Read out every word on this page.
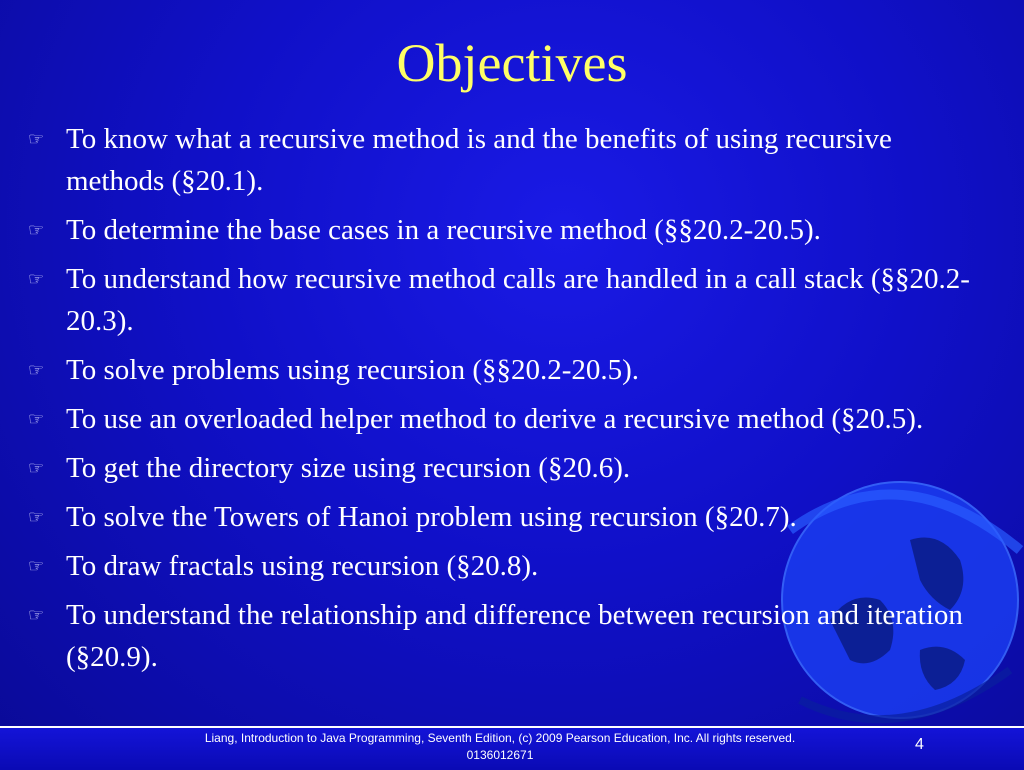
Objectives
☞ To know what a recursive method is and the benefits of using recursive methods (§20.1).
☞ To determine the base cases in a recursive method (§§20.2-20.5).
☞ To understand how recursive method calls are handled in a call stack (§§20.2-20.3).
☞ To solve problems using recursion (§§20.2-20.5).
☞ To use an overloaded helper method to derive a recursive method (§20.5).
☞ To get the directory size using recursion (§20.6).
☞ To solve the Towers of Hanoi problem using recursion (§20.7).
☞ To draw fractals using recursion (§20.8).
☞ To understand the relationship and difference between recursion and iteration (§20.9).
Liang, Introduction to Java Programming, Seventh Edition, (c) 2009 Pearson Education, Inc. All rights reserved. 0136012671
4
